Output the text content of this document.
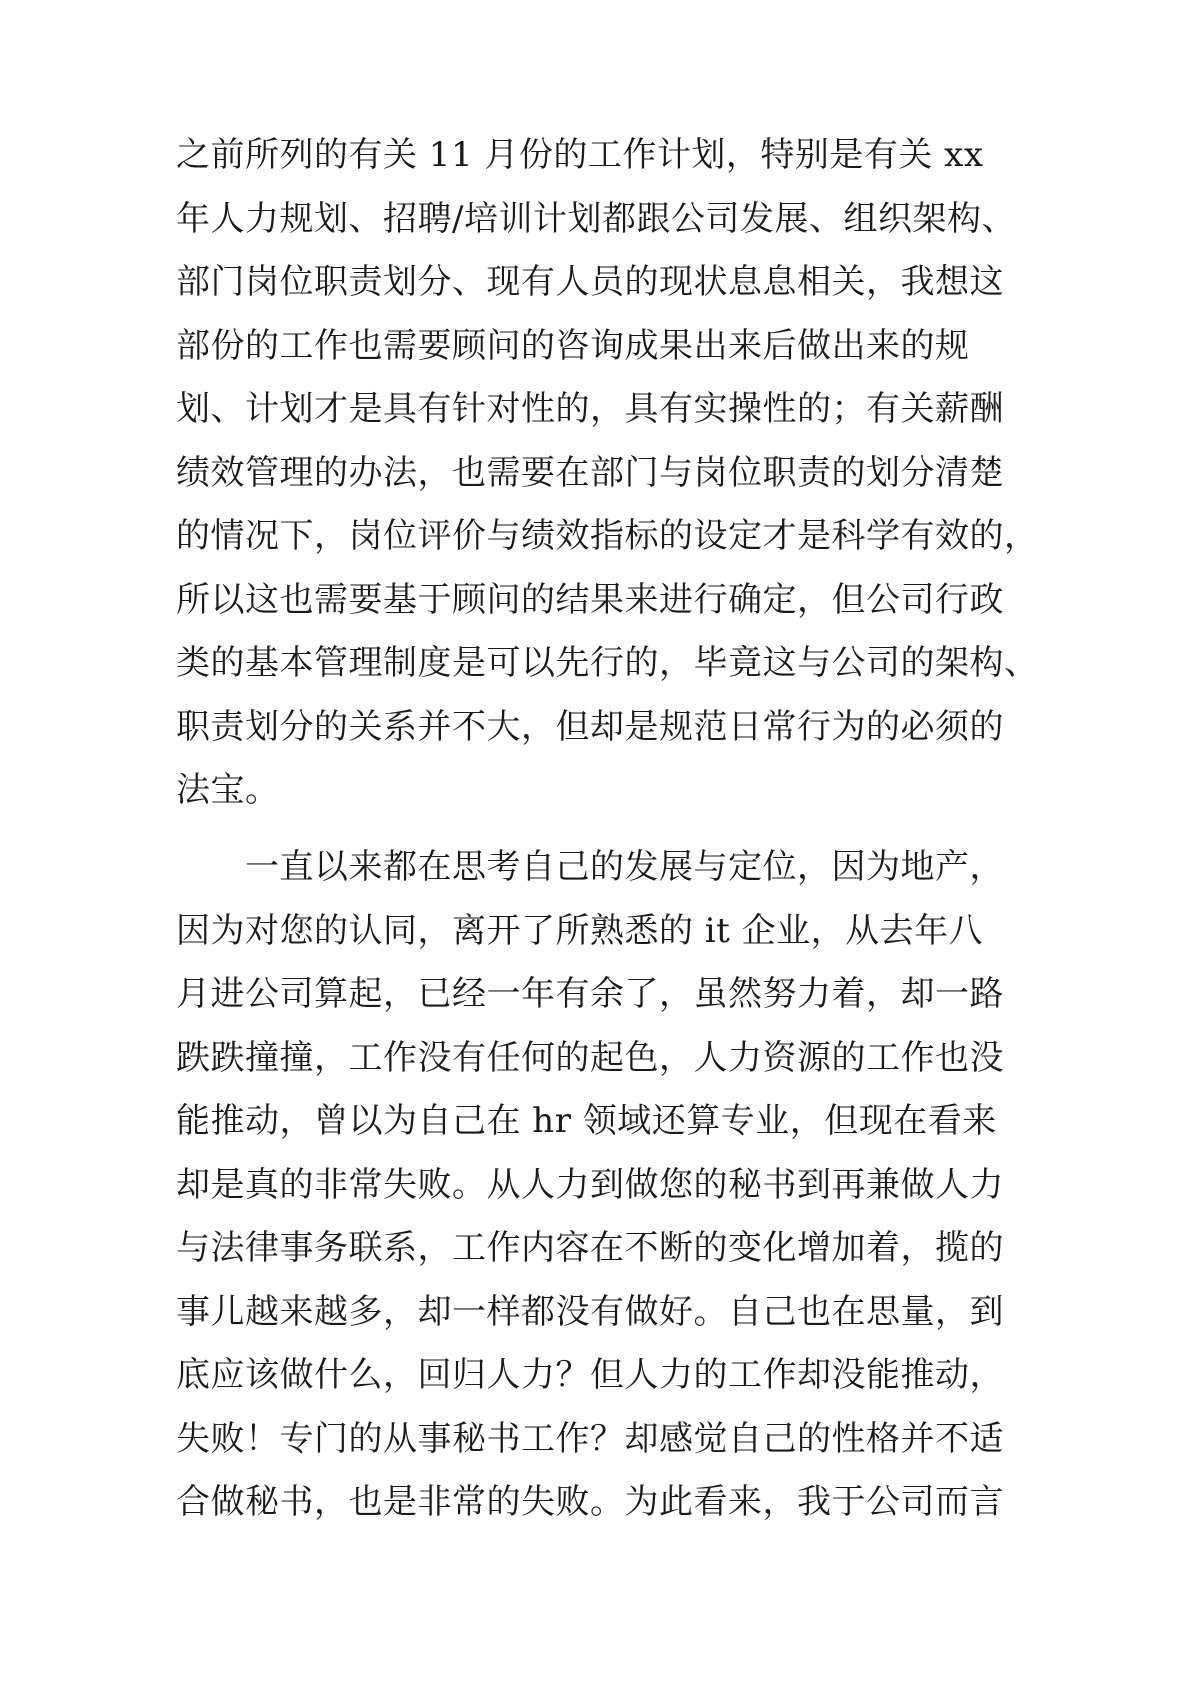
之前所列的有关 11 月份的工作计划，特别是有关 xx
年人力规划、招聘/培训计划都跟公司发展、组织架构、
部门岗位职责划分、现有人员的现状息息相关，我想这
部份的工作也需要顾问的咨询成果出来后做出来的规
划、计划才是具有针对性的，具有实操性的；有关薪酬
绩效管理的办法，也需要在部门与岗位职责的划分清楚
的情况下，岗位评价与绩效指标的设定才是科学有效的，
所以这也需要基于顾问的结果来进行确定，但公司行政
类的基本管理制度是可以先行的，毕竟这与公司的架构、
职责划分的关系并不大，但却是规范日常行为的必须的
法宝。
　　一直以来都在思考自己的发展与定位，因为地产，
因为对您的认同，离开了所熟悉的 it 企业，从去年八
月进公司算起，已经一年有余了，虽然努力着，却一路
跌跌撞撞，工作没有任何的起色，人力资源的工作也没
能推动，曾以为自己在 hr 领域还算专业，但现在看来
却是真的非常失败。从人力到做您的秘书到再兼做人力
与法律事务联系，工作内容在不断的变化增加着，揽的
事儿越来越多，却一样都没有做好。自己也在思量，到
底应该做什么，回归人力？但人力的工作却没能推动，
失败！专门的从事秘书工作？却感觉自己的性格并不适
合做秘书，也是非常的失败。为此看来，我于公司而言
